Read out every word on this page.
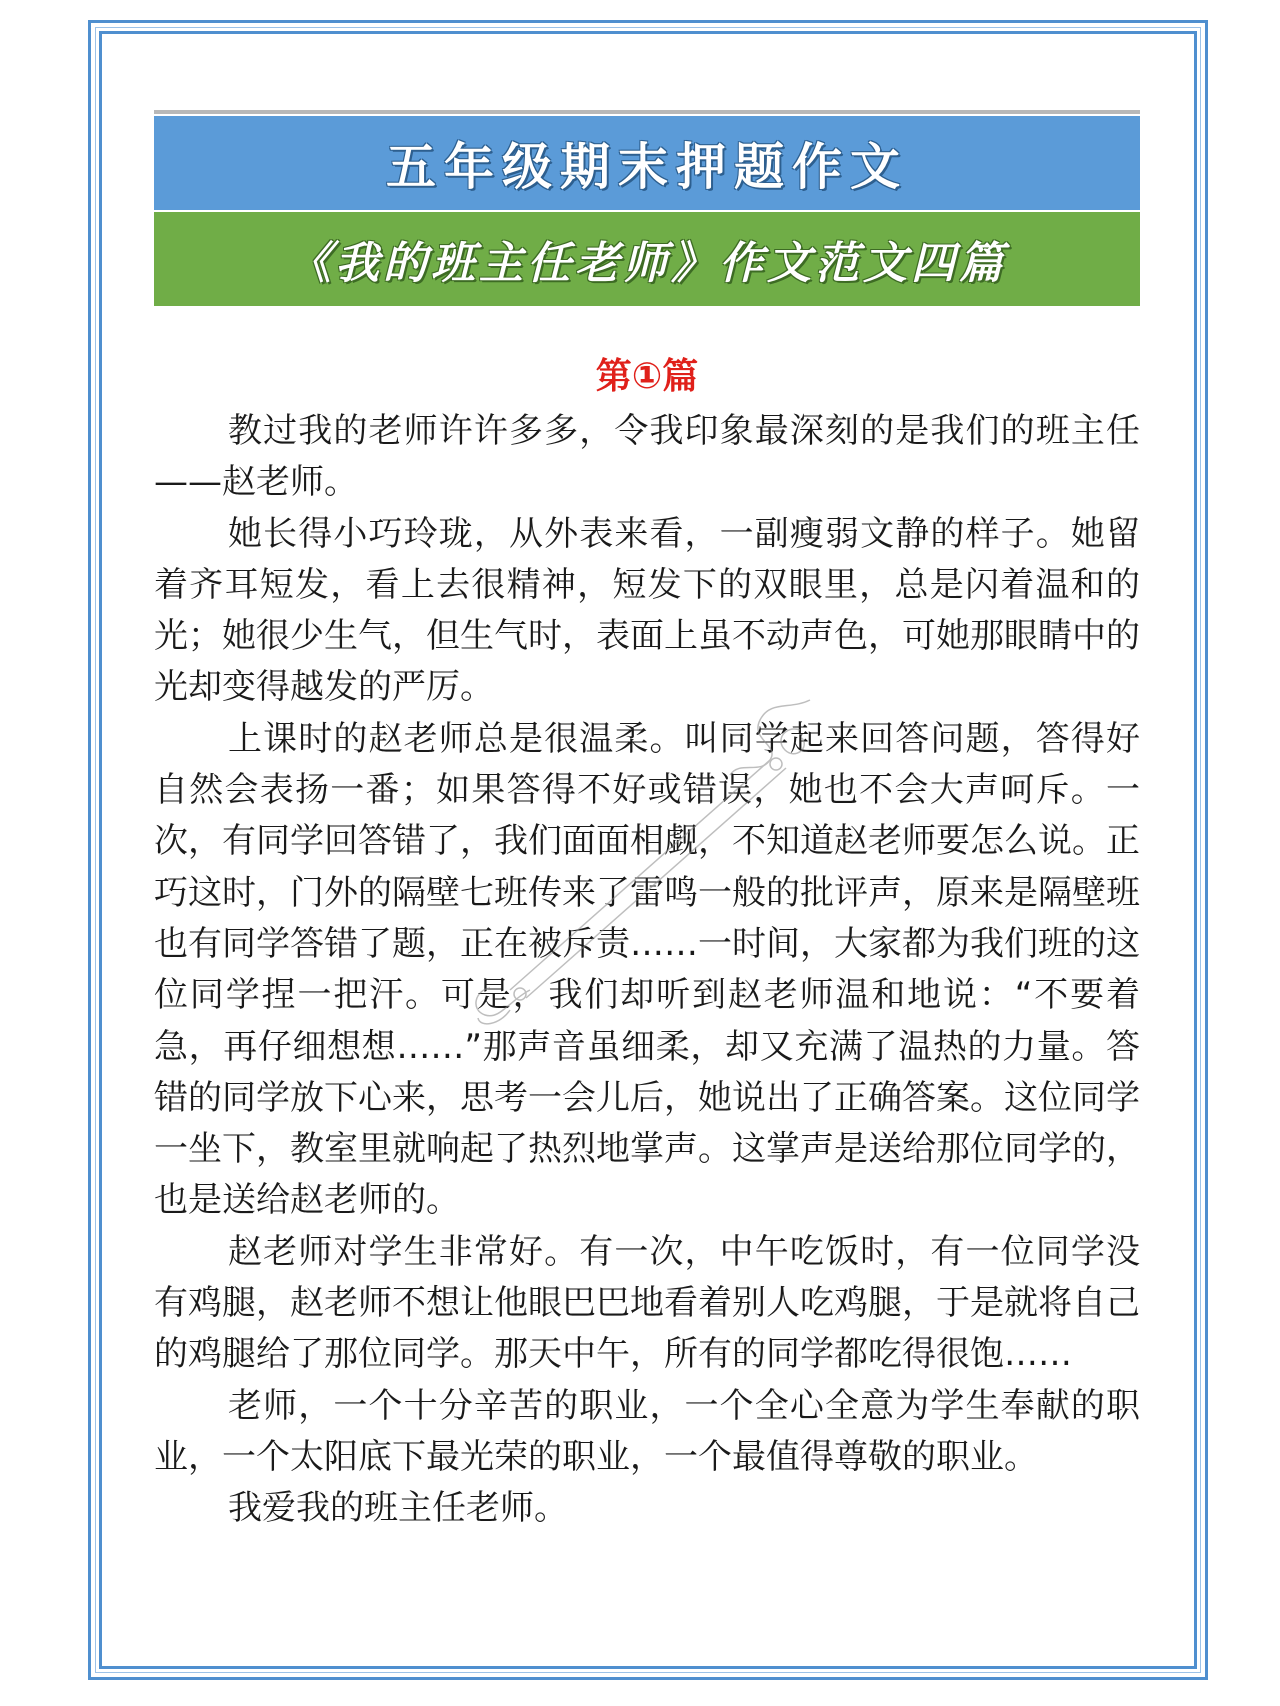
五年级期末押题作文
《我的班主任老师》作文范文四篇
第①篇

教过我的老师许许多多，令我印象最深刻的是我们的班主任——赵老师。

她长得小巧玲珑，从外表来看，一副瘦弱文静的样子。她留着齐耳短发，看上去很精神，短发下的双眼里，总是闪着温和的光；她很少生气，但生气时，表面上虽不动声色，可她那眼睛中的光却变得越发的严厉。

上课时的赵老师总是很温柔。叫同学起来回答问题，答得好自然会表扬一番；如果答得不好或错误，她也不会大声呵斥。一次，有同学回答错了，我们面面相觑，不知道赵老师要怎么说。正巧这时，门外的隔壁七班传来了雷鸣一般的批评声，原来是隔壁班也有同学答错了题，正在被斥责……一时间，大家都为我们班的这位同学捏一把汗。可是，我们却听到赵老师温和地说：“不要着急，再仔细想想……”那声音虽细柔，却又充满了温热的力量。答错的同学放下心来，思考一会儿后，她说出了正确答案。这位同学一坐下，教室里就响起了热烈地掌声。这掌声是送给那位同学的，也是送给赵老师的。

赵老师对学生非常好。有一次，中午吃饭时，有一位同学没有鸡腿，赵老师不想让他眼巴巴地看着别人吃鸡腿，于是就将自己的鸡腿给了那位同学。那天中午，所有的同学都吃得很饱……

老师，一个十分辛苦的职业，一个全心全意为学生奉献的职业，一个太阳底下最光荣的职业，一个最值得尊敬的职业。

我爱我的班主任老师。
